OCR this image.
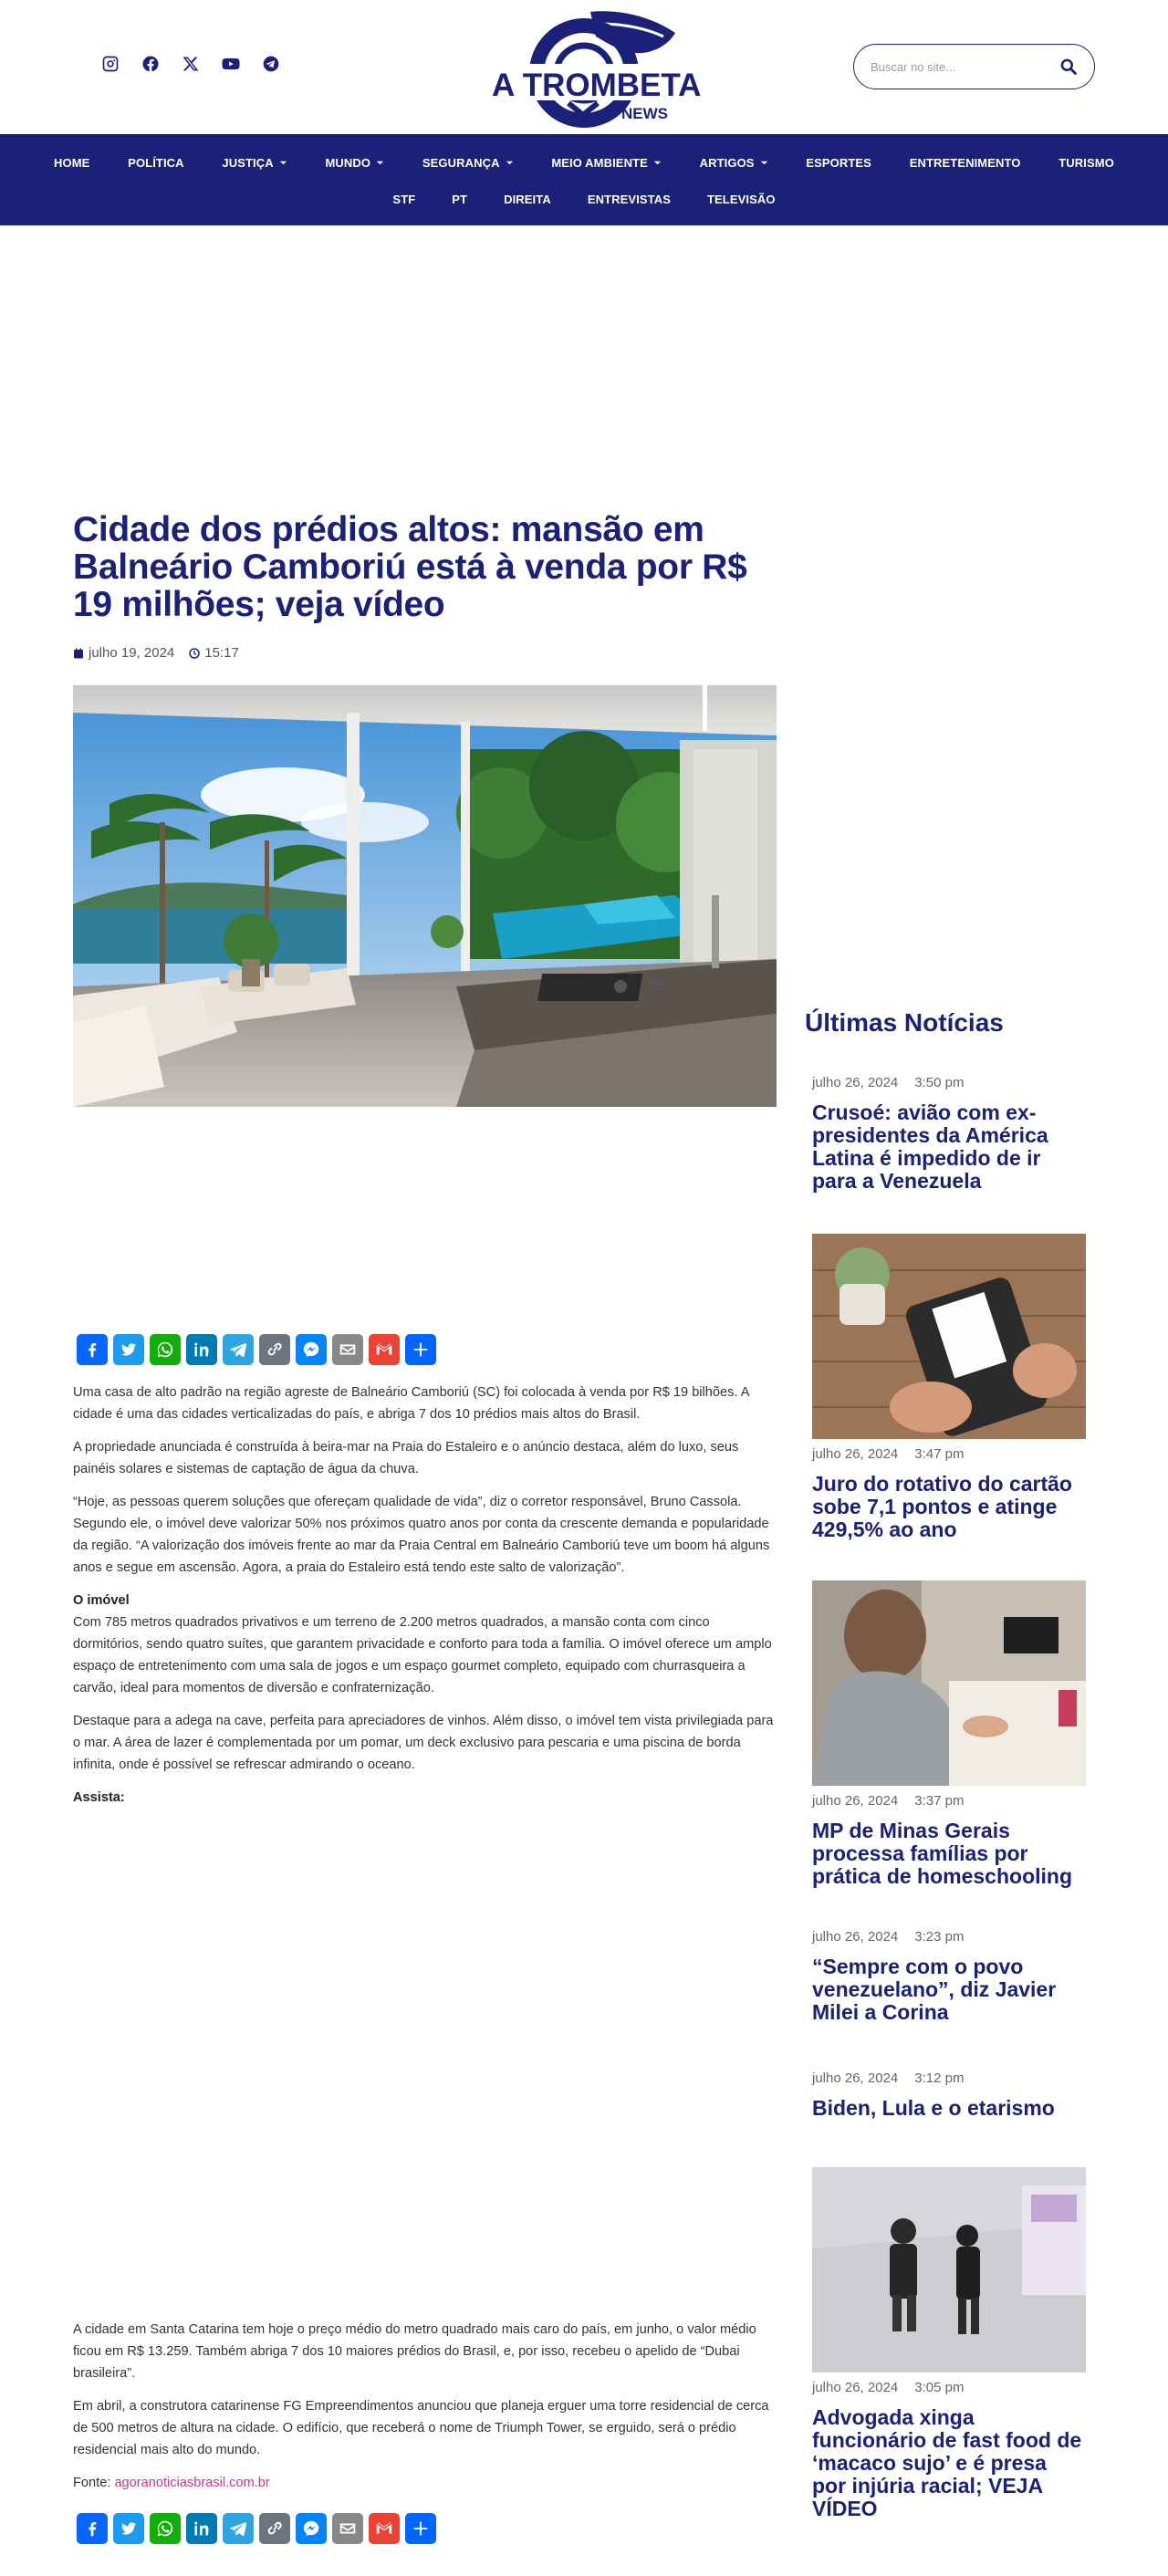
A TROMBETA
NEWS
Buscar no site...
HOME	POLÍTICA	JUSTIÇA	MUNDO	SEGURANÇA	MEIO AMBIENTE	ARTIGOS	ESPORTES	ENTRETENIMENTO	TURISMO
STF	PT	DIREITA	ENTREVISTAS	TELEVISÃO
Cidade dos prédios altos: mansão em Balneário Camboriú está à venda por R$ 19 milhões; veja vídeo
julho 19, 2024 15:17

Uma casa de alto padrão na região agreste de Balneário Camboriú (SC) foi colocada à venda por R$ 19 bilhões. A cidade é uma das cidades verticalizadas do país, e abriga 7 dos 10 prédios mais altos do Brasil.

A propriedade anunciada é construída à beira-mar na Praia do Estaleiro e o anúncio destaca, além do luxo, seus painéis solares e sistemas de captação de água da chuva.

“Hoje, as pessoas querem soluções que ofereçam qualidade de vida”, diz o corretor responsável, Bruno Cassola. Segundo ele, o imóvel deve valorizar 50% nos próximos quatro anos por conta da crescente demanda e popularidade da região. “A valorização dos imóveis frente ao mar da Praia Central em Balneário Camboriú teve um boom há alguns anos e segue em ascensão. Agora, a praia do Estaleiro está tendo este salto de valorização”.

O imóvel
Com 785 metros quadrados privativos e um terreno de 2.200 metros quadrados, a mansão conta com cinco dormitórios, sendo quatro suítes, que garantem privacidade e conforto para toda a família. O imóvel oferece um amplo espaço de entretenimento com uma sala de jogos e um espaço gourmet completo, equipado com churrasqueira a carvão, ideal para momentos de diversão e confraternização.

Destaque para a adega na cave, perfeita para apreciadores de vinhos. Além disso, o imóvel tem vista privilegiada para o mar. A área de lazer é complementada por um pomar, um deck exclusivo para pescaria e uma piscina de borda infinita, onde é possível se refrescar admirando o oceano.

Assista:

A cidade em Santa Catarina tem hoje o preço médio do metro quadrado mais caro do país, em junho, o valor médio ficou em R$ 13.259. Também abriga 7 dos 10 maiores prédios do Brasil, e, por isso, recebeu o apelido de “Dubai brasileira”.

Em abril, a construtora catarinense FG Empreendimentos anunciou que planeja erguer uma torre residencial de cerca de 500 metros de altura na cidade. O edifício, que receberá o nome de Triumph Tower, se erguido, será o prédio residencial mais alto do mundo.

Fonte: agoranoticiasbrasil.com.br

Últimas Notícias
julho 26, 2024 3:50 pm
Crusoé: avião com ex-presidentes da América Latina é impedido de ir para a Venezuela
julho 26, 2024 3:47 pm
Juro do rotativo do cartão sobe 7,1 pontos e atinge 429,5% ao ano
julho 26, 2024 3:37 pm
MP de Minas Gerais processa famílias por prática de homeschooling
julho 26, 2024 3:23 pm
“Sempre com o povo venezuelano”, diz Javier Milei a Corina
julho 26, 2024 3:12 pm
Biden, Lula e o etarismo
julho 26, 2024 3:05 pm
Advogada xinga funcionário de fast food de ‘macaco sujo’ e é presa por injúria racial; VEJA VÍDEO
